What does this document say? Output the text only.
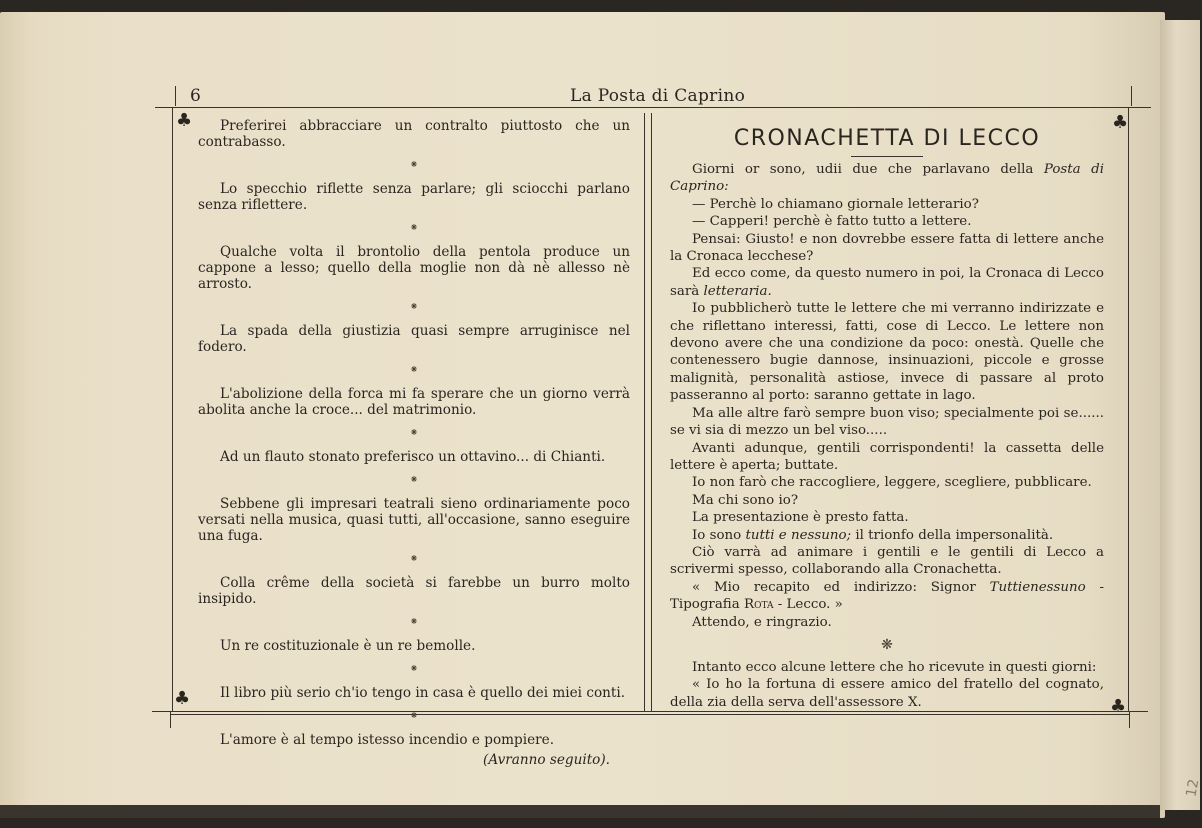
12
6	La Posta di Caprino
♣
♣
♣
♣

Preferirei abbracciare un contralto piuttosto che un contrabasso.

⁕

Lo specchio riflette senza parlare; gli sciocchi parlano senza riflettere.

⁕

Qualche volta il brontolio della pentola produce un cappone a lesso; quello della moglie non dà nè allesso nè arrosto.

⁕

La spada della giustizia quasi sempre arruginisce nel fodero.

⁕

L'abolizione della forca mi fa sperare che un giorno verrà abolita anche la croce... del matrimonio.

⁕

Ad un flauto stonato preferisco un ottavino... di Chianti.

⁕

Sebbene gli impresari teatrali sieno ordinariamente poco versati nella musica, quasi tutti, all'occasione, sanno eseguire una fuga.

⁕

Colla crême della società si farebbe un burro molto insipido.

⁕

Un re costituzionale è un re bemolle.

⁕

Il libro più serio ch'io tengo in casa è quello dei miei conti.

⁕

L'amore è al tempo istesso incendio e pompiere.

(Avranno seguito).

CRONACHETTA DI LECCO

Giorni or sono, udii due che parlavano della Posta di Caprino:

— Perchè lo chiamano giornale letterario?

— Capperi! perchè è fatto tutto a lettere.

Pensai: Giusto! e non dovrebbe essere fatta di lettere anche la Cronaca lecchese?

Ed ecco come, da questo numero in poi, la Cronaca di Lecco sarà letteraria.

Io pubblicherò tutte le lettere che mi verranno indirizzate e che riflettano interessi, fatti, cose di Lecco. Le lettere non devono avere che una condizione da poco: onestà. Quelle che contenessero bugie dannose, insinuazioni, piccole e grosse malignità, personalità astiose, invece di passare al proto passeranno al porto: saranno gettate in lago.

Ma alle altre farò sempre buon viso; specialmente poi se...... se vi sia di mezzo un bel viso.....

Avanti adunque, gentili corrispondenti! la cassetta delle lettere è aperta; buttate.

Io non farò che raccogliere, leggere, scegliere, pubblicare.

Ma chi sono io?

La presentazione è presto fatta.

Io sono tutti e nessuno; il trionfo della impersonalità.

Ciò varrà ad animare i gentili e le gentili di Lecco a scrivermi spesso, collaborando alla Cronachetta.

« Mio recapito ed indirizzo: Signor Tuttienessuno - Tipografia Rota - Lecco. »

Attendo, e ringrazio.

❋

Intanto ecco alcune lettere che ho ricevute in questi giorni:

« Io ho la fortuna di essere amico del fratello del cognato, della zia della serva dell'assessore X.
